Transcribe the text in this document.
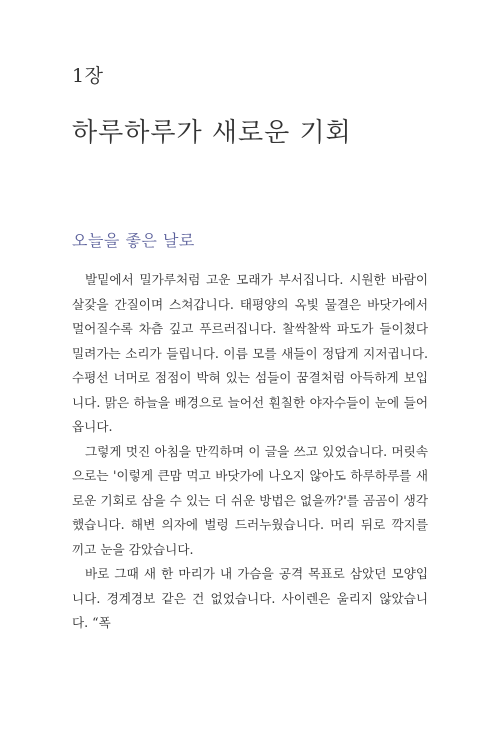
1장
하루하루가 새로운 기회
오늘을 좋은 날로

발밑에서 밀가루처럼 고운 모래가 부서집니다. 시원한 바람이 살갗을 간질이며 스쳐갑니다. 태평양의 옥빛 물결은 바닷가에서 멀어질수록 차츰 깊고 푸르러집니다. 찰싹찰싹 파도가 들이쳤다 밀려가는 소리가 들립니다. 이름 모를 새들이 정답게 지저귑니다. 수평선 너머로 점점이 박혀 있는 섬들이 꿈결처럼 아득하게 보입니다. 맑은 하늘을 배경으로 늘어선 훤칠한 야자수들이 눈에 들어옵니다.

그렇게 멋진 아침을 만끽하며 이 글을 쓰고 있었습니다. 머릿속으로는 '이렇게 큰맘 먹고 바닷가에 나오지 않아도 하루하루를 새로운 기회로 삼을 수 있는 더 쉬운 방법은 없을까?'를 곰곰이 생각했습니다. 해변 의자에 벌렁 드러누웠습니다. 머리 뒤로 깍지를 끼고 눈을 감았습니다.

바로 그때 새 한 마리가 내 가슴을 공격 목표로 삼았던 모양입니다. 경계경보 같은 건 없었습니다. 사이렌은 울리지 않았습니다. “폭
